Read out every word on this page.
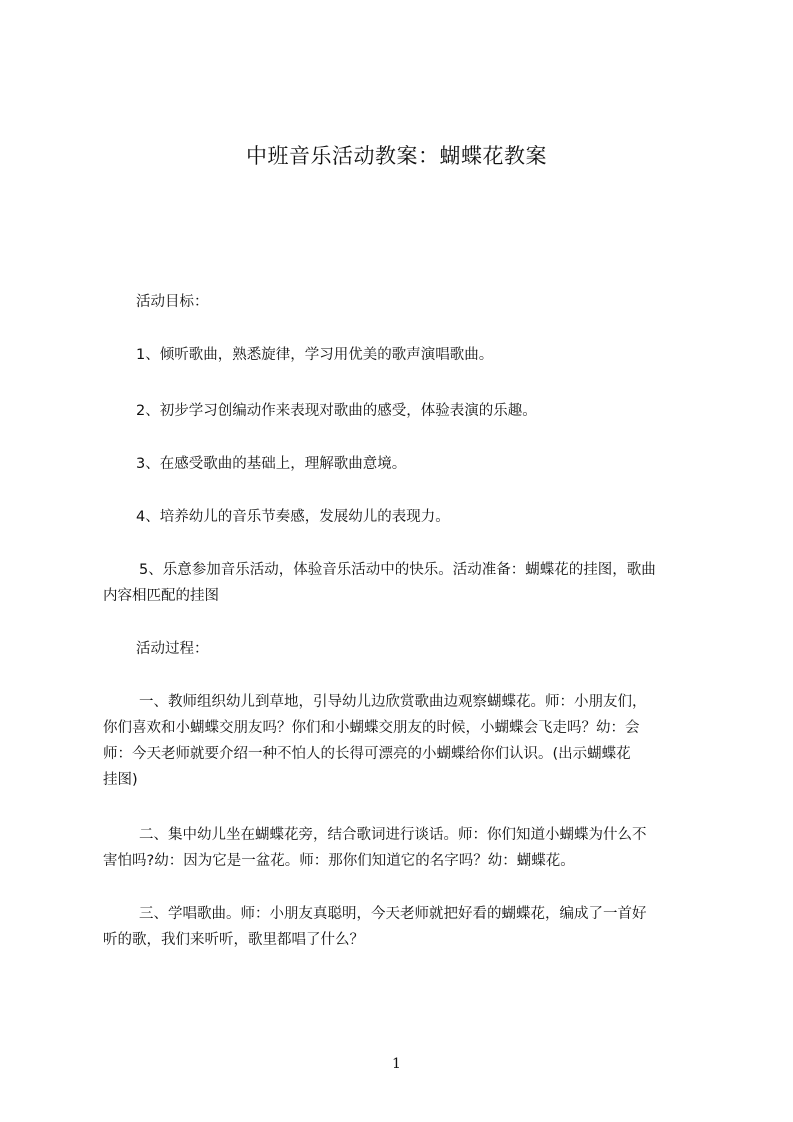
中班音乐活动教案：蝴蝶花教案

活动目标：

1、倾听歌曲，熟悉旋律，学习用优美的歌声演唱歌曲。

2、初步学习创编动作来表现对歌曲的感受，体验表演的乐趣。

3、在感受歌曲的基础上，理解歌曲意境。

4、培养幼儿的音乐节奏感，发展幼儿的表现力。

5、乐意参加音乐活动，体验音乐活动中的快乐。活动准备：蝴蝶花的挂图，歌曲
内容相匹配的挂图

活动过程：

一、教师组织幼儿到草地，引导幼儿边欣赏歌曲边观察蝴蝶花。师：小朋友们，
你们喜欢和小蝴蝶交朋友吗？你们和小蝴蝶交朋友的时候，小蝴蝶会飞走吗？幼：会
师：今天老师就要介绍一种不怕人的长得可漂亮的小蝴蝶给你们认识。(出示蝴蝶花
挂图)
二、集中幼儿坐在蝴蝶花旁，结合歌词进行谈话。师：你们知道小蝴蝶为什么不
害怕吗?幼：因为它是一盆花。师：那你们知道它的名字吗？幼：蝴蝶花。
三、学唱歌曲。师：小朋友真聪明，今天老师就把好看的蝴蝶花，编成了一首好
听的歌，我们来听听，歌里都唱了什么？
1
